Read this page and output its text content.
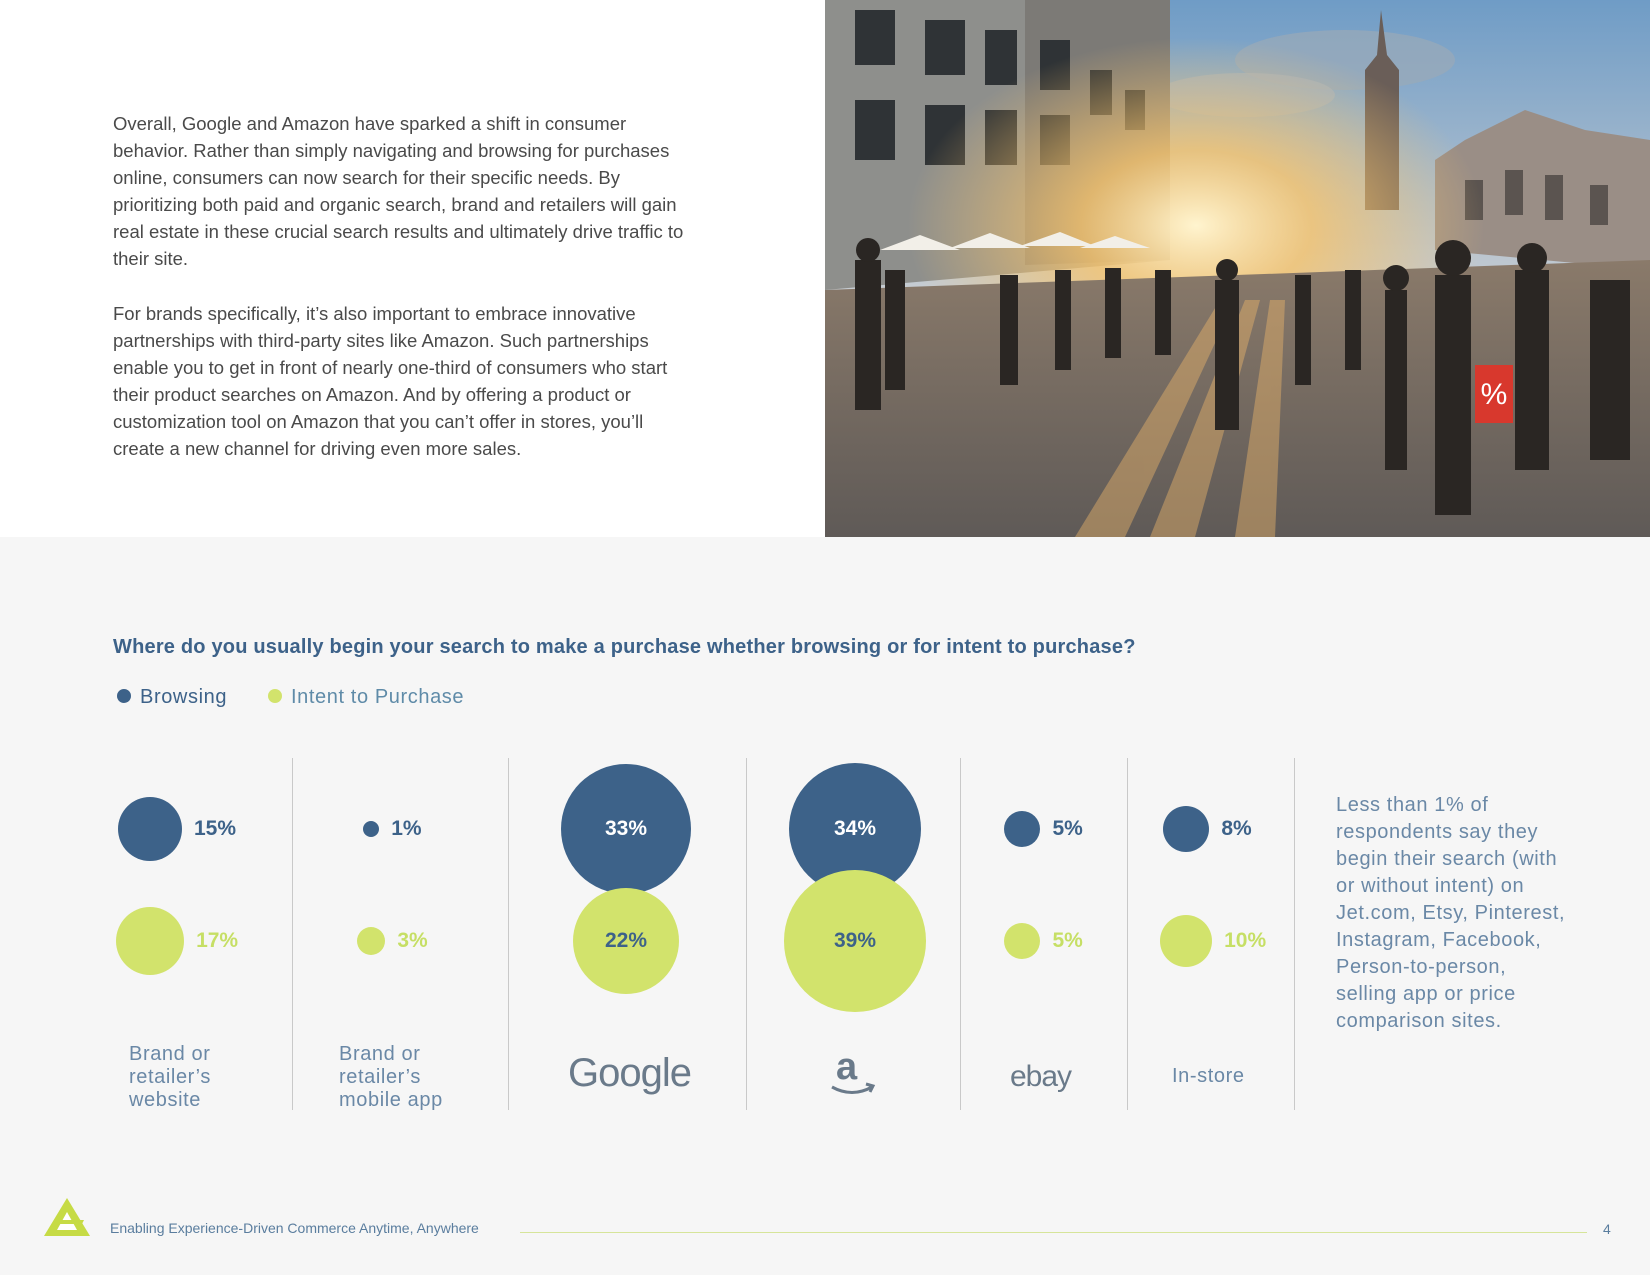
Overall, Google and Amazon have sparked a shift in consumer behavior. Rather than simply navigating and browsing for purchases online, consumers can now search for their specific needs. By prioritizing both paid and organic search, brand and retailers will gain real estate in these crucial search results and ultimately drive traffic to their site.

For brands specifically, it’s also important to embrace innovative partnerships with third-party sites like Amazon. Such partnerships enable you to get in front of nearly one-third of consumers who start their product searches on Amazon. And by offering a product or customization tool on Amazon that you can’t offer in stores, you’ll create a new channel for driving even more sales.

%
Where do you usually begin your search to make a purchase whether browsing or for intent to purchase?
Browsing	Intent to Purchase
15%	1%	33%	34%	5%	8%
17%	3%	22%	39%	5%	10%
Brand or retailer’s website
Brand or retailer’s mobile app
Google	a	ebay	In-store
Less than 1% of respondents say they begin their search (with or without intent) on Jet.com, Etsy, Pinterest, Instagram, Facebook, Person-to-person, selling app or price comparison sites.
Enabling Experience-Driven Commerce Anytime, Anywhere	4
